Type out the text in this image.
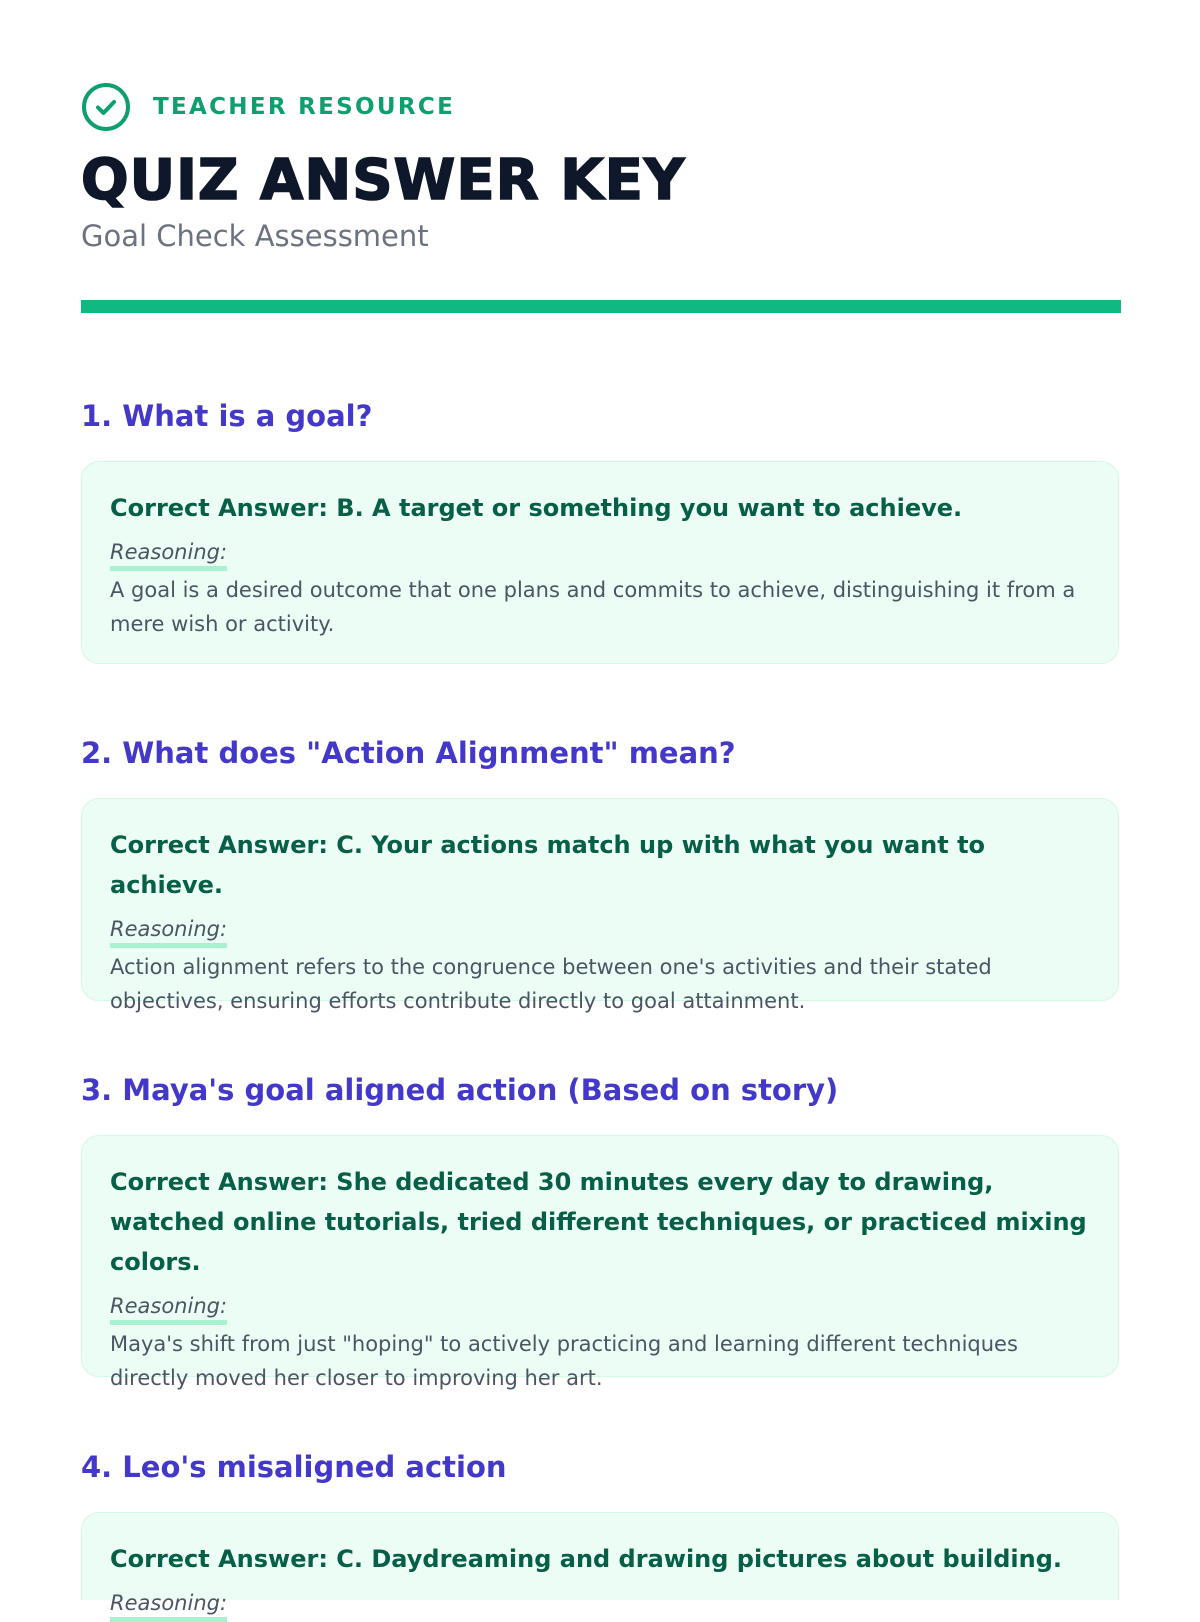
TEACHER RESOURCE
QUIZ ANSWER KEY
Goal Check Assessment
1. What is a goal?

Correct Answer: B. A target or something you want to achieve.

Reasoning:

A goal is a desired outcome that one plans and commits to achieve, distinguishing it from a mere wish or activity.

2. What does "Action Alignment" mean?

Correct Answer: C. Your actions match up with what you want to achieve.

Reasoning:

Action alignment refers to the congruence between one's activities and their stated objectives, ensuring efforts contribute directly to goal attainment.

3. Maya's goal aligned action (Based on story)

Correct Answer: She dedicated 30 minutes every day to drawing, watched online tutorials, tried different techniques, or practiced mixing colors.

Reasoning:

Maya's shift from just "hoping" to actively practicing and learning different techniques directly moved her closer to improving her art.

4. Leo's misaligned action

Correct Answer: C. Daydreaming and drawing pictures about building.

Reasoning:
